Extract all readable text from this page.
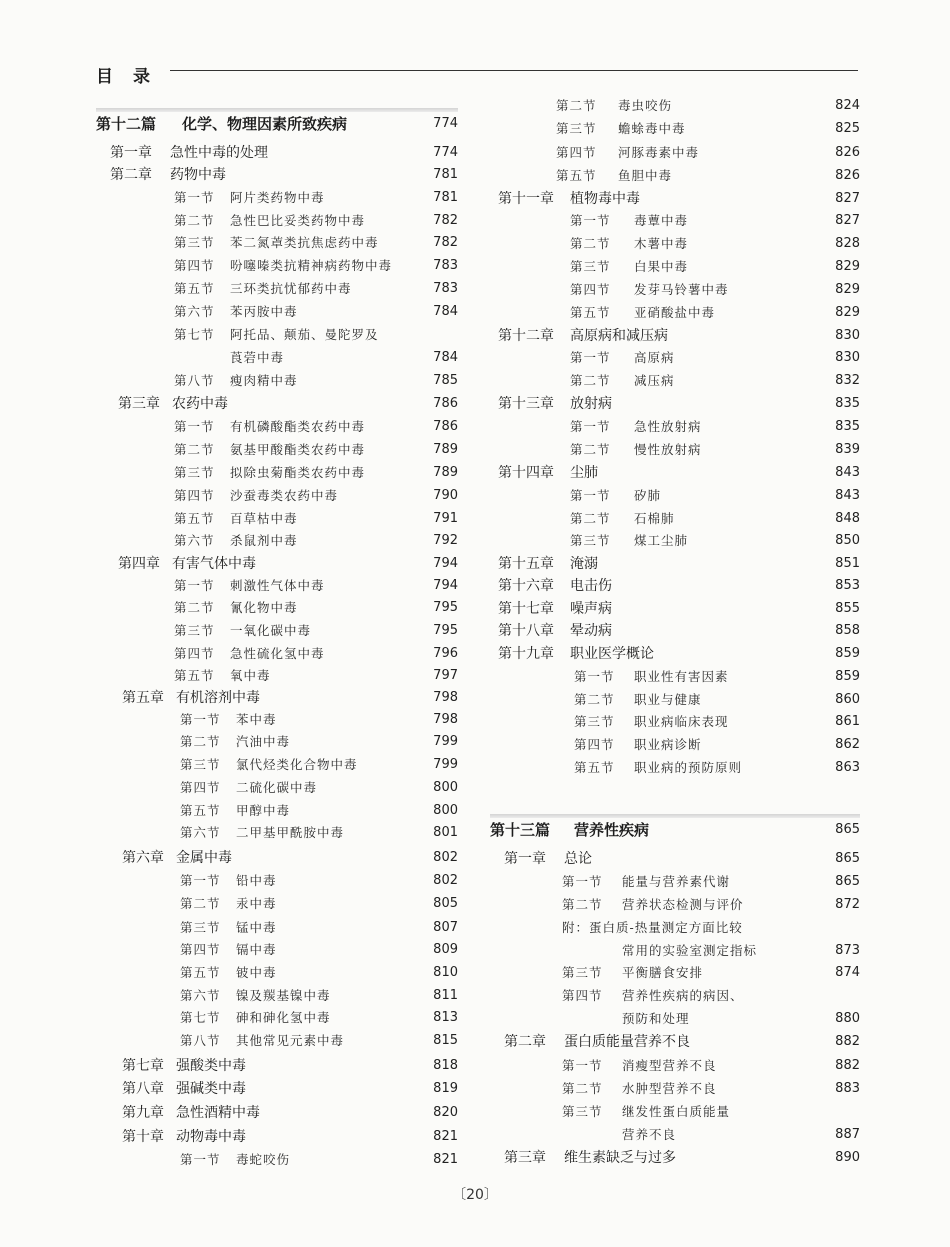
目录
第十二篇 化学、物理因素所致疾病	774
第一章 急性中毒的处理	774
第二章 药物中毒	781
第一节 阿片类药物中毒	781
第二节 急性巴比妥类药物中毒	782
第三节 苯二氮䓬类抗焦虑药中毒	782
第四节 吩噻嗪类抗精神病药物中毒	783
第五节 三环类抗忧郁药中毒	783
第六节 苯丙胺中毒	784
第七节 阿托品、颠茄、曼陀罗及
莨菪中毒	784
第八节 瘦肉精中毒	785
第三章 农药中毒	786
第一节 有机磷酸酯类农药中毒	786
第二节 氨基甲酸酯类农药中毒	789
第三节 拟除虫菊酯类农药中毒	789
第四节 沙蚕毒类农药中毒	790
第五节 百草枯中毒	791
第六节 杀鼠剂中毒	792
第四章 有害气体中毒	794
第一节 刺激性气体中毒	794
第二节 氰化物中毒	795
第三节 一氧化碳中毒	795
第四节 急性硫化氢中毒	796
第五节 氧中毒	797
第五章 有机溶剂中毒	798
第一节 苯中毒	798
第二节 汽油中毒	799
第三节 氯代烃类化合物中毒	799
第四节 二硫化碳中毒	800
第五节 甲醇中毒	800
第六节 二甲基甲酰胺中毒	801
第六章 金属中毒	802
第一节 铅中毒	802
第二节 汞中毒	805
第三节 锰中毒	807
第四节 镉中毒	809
第五节 铍中毒	810
第六节 镍及羰基镍中毒	811
第七节 砷和砷化氢中毒	813
第八节 其他常见元素中毒	815
第七章 强酸类中毒	818
第八章 强碱类中毒	819
第九章 急性酒精中毒	820
第十章 动物毒中毒	821
第一节 毒蛇咬伤	821
第二节 毒虫咬伤	824
第三节 蟾蜍毒中毒	825
第四节 河豚毒素中毒	826
第五节 鱼胆中毒	826
第十一章 植物毒中毒	827
第一节 毒蕈中毒	827
第二节 木薯中毒	828
第三节 白果中毒	829
第四节 发芽马铃薯中毒	829
第五节 亚硝酸盐中毒	829
第十二章 高原病和减压病	830
第一节 高原病	830
第二节 减压病	832
第十三章 放射病	835
第一节 急性放射病	835
第二节 慢性放射病	839
第十四章 尘肺	843
第一节 矽肺	843
第二节 石棉肺	848
第三节 煤工尘肺	850
第十五章 淹溺	851
第十六章 电击伤	853
第十七章 噪声病	855
第十八章 晕动病	858
第十九章 职业医学概论	859
第一节 职业性有害因素	859
第二节 职业与健康	860
第三节 职业病临床表现	861
第四节 职业病诊断	862
第五节 职业病的预防原则	863
第十三篇 营养性疾病	865
第一章 总论	865
第一节 能量与营养素代谢	865
第二节 营养状态检测与评价	872
附：蛋白质-热量测定方面比较
常用的实验室测定指标	873
第三节 平衡膳食安排	874
第四节 营养性疾病的病因、
预防和处理	880
第二章 蛋白质能量营养不良	882
第一节 消瘦型营养不良	882
第二节 水肿型营养不良	883
第三节 继发性蛋白质能量
营养不良	887
第三章 维生素缺乏与过多	890
〔20〕
